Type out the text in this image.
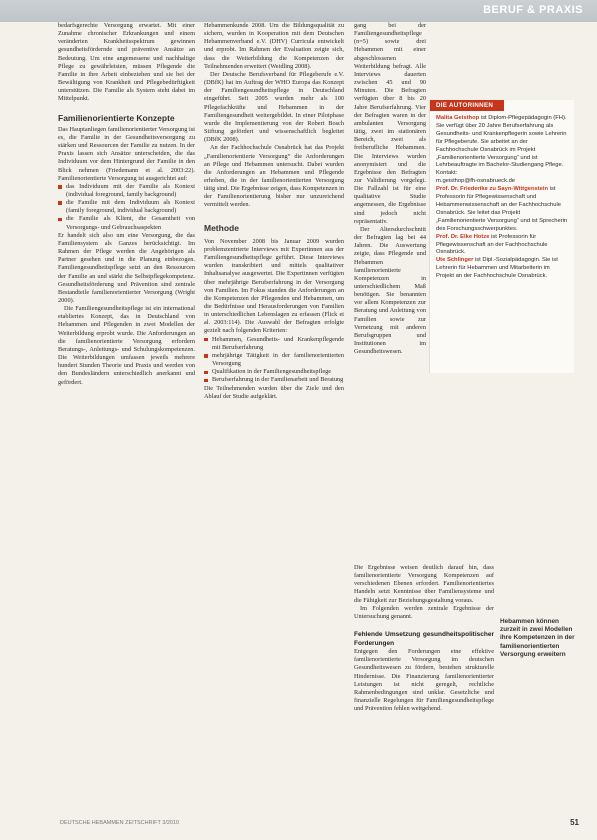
BERUF & PRAXIS

bedarfsgerechte Versorgung erwartet. Mit einer Zunahme chronischer Erkrankungen und einem veränderten Krankheitsspektrum gewinnen gesundheitsfördernde und präventive Ansätze an Bedeutung. Um eine angemessene und nachhaltige Pflege zu gewährleisten, müssen Pflegende die Familie in ihre Arbeit einbeziehen und sie bei der Bewältigung von Krankheit und Pflegebedürftigkeit unterstützen. Die Familie als System steht dabei im Mittelpunkt.

Familienorientierte Konzepte

Das Hauptanliegen familienorientierter Versorgung ist es, die Familie in der Gesundheitsversorgung zu stärken und Ressourcen der Familie zu nutzen. In der Praxis lassen sich Ansätze unterscheiden, die das Individuum vor dem Hintergrund der Familie in den Blick nehmen (Friedemann et al. 2003:22). Familienorientierte Versorgung ist ausgerichtet auf:

das Individuum mit der Familie als Kontext (individual foreground, family background)
die Familie mit dem Individuum als Kontext (family foreground, individual background)
die Familie als Klient, die Gesamtheit von Versorgungs- und Gebrauchsaspekten

Er handelt sich also um eine Versorgung, die das Familiensystem als Ganzes berücksichtigt. Im Rahmen der Pflege werden die Angehörigen als Partner gesehen und in die Planung einbezogen. Familiengesundheitspflege setzt an den Ressourcen der Familie an und stärkt die Selbstpflegekompetenz. Gesundheitsförderung und Prävention sind zentrale Bestandteile familienorientierter Versorgung (Wright 2000).

Die Familiengesundheitspflege ist ein international etabliertes Konzept, das in Deutschland von Hebammen und Pflegenden in zwei Modellen der Weiterbildung erprobt wurde. Die Anforderungen an die familienorientierte Versorgung erfordern Beratungs-, Anleitungs- und Schulungskompetenzen. Die Weiterbildungen umfassen jeweils mehrere hundert Stunden Theorie und Praxis und werden von den Bundesländern unterschiedlich anerkannt und gefördert.

Hebammenkunde 2008. Um die Bildungsqualität zu sichern, wurden in Kooperation mit dem Deutschen Hebammenverband e.V. (DHV) Curricula entwickelt und erprobt. Im Rahmen der Evaluation zeigte sich, dass die Weiterbildung die Kompetenzen der Teilnehmenden erweitert (Weidling 2008).

Der Deutsche Berufsverband für Pflegeberufe e.V. (DBfK) hat im Auftrag der WHO Europa das Konzept der Familiengesundheitspflege in Deutschland eingeführt. Seit 2005 wurden mehr als 100 Pflegefachkräfte und Hebammen in der Familiengesundheit weitergebildet. In einer Pilotphase wurde die Implementierung von der Robert Bosch Stiftung gefördert und wissenschaftlich begleitet (DBfK 2008).

An der Fachhochschule Osnabrück hat das Projekt „Familienorientierte Versorgung“ die Anforderungen an Pflege und Hebammen untersucht. Dabei wurden die Anforderungen an Hebammen und Pflegende erhoben, die in der familienorientierten Versorgung tätig sind. Die Ergebnisse zeigen, dass Kompetenzen in der Familienorientierung bisher nur unzureichend vermittelt werden.

Methode

Von November 2008 bis Januar 2009 wurden problemzentrierte Interviews mit Expertinnen aus der Familiengesundheitspflege geführt. Diese Interviews wurden transkribiert und mittels qualitativer Inhaltsanalyse ausgewertet. Die Expertinnen verfügten über mehrjährige Berufserfahrung in der Versorgung von Familien. Im Fokus standen die Anforderungen an die Kompetenzen der Pflegenden und Hebammen, um die Bedürfnisse und Herausforderungen von Familien in unterschiedlichen Lebenslagen zu erfassen (Flick et al. 2003:114). Die Auswahl der Befragten erfolgte gezielt nach folgenden Kriterien:

Hebammen, Gesundheits- und Krankenpflegende mit Berufserfahrung
mehrjährige Tätigkeit in der familienorientierten Versorgung
Qualifikation in der Familiengesundheitspflege
Berufserfahrung in der Familienarbeit und Beratung

Die Teilnehmenden wurden über die Ziele und den Ablauf der Studie aufgeklärt.

gang bei der Familiengesundheitspflege (n=5) sowie drei Hebammen mit einer abgeschlossenen Weiterbildung befragt. Alle Interviews dauerten zwischen 45 und 90 Minuten. Die Befragten verfügten über 8 bis 20 Jahre Berufserfahrung. Vier der Befragten waren in der ambulanten Versorgung tätig, zwei im stationären Bereich, zwei als freiberufliche Hebammen. Die Interviews wurden anonymisiert und die Ergebnisse den Befragten zur Validierung vorgelegt. Die Fallzahl ist für eine qualitative Studie angemessen, die Ergebnisse sind jedoch nicht repräsentativ.

Der Altersdurchschnitt der Befragten lag bei 44 Jahren. Die Auswertung zeigte, dass Pflegende und Hebammen familienorientierte Kompetenzen in unterschiedlichem Maß benötigen. Sie benannten vor allem Kompetenzen zur Beratung und Anleitung von Familien sowie zur Vernetzung mit anderen Berufsgruppen und Institutionen im Gesundheitswesen.

Die Ergebnisse weisen deutlich darauf hin, dass familienorientierte Versorgung Kompetenzen auf verschiedenen Ebenen erfordert. Familienorientiertes Handeln setzt Kenntnisse über Familiensysteme und die Fähigkeit zur Beziehungsgestaltung voraus.

Im Folgenden werden zentrale Ergebnisse der Untersuchung genannt.

Fehlende Umsetzung gesundheitspolitischer Forderungen

Entgegen den Forderungen eine effektive familienorientierte Versorgung im deutschen Gesundheitswesen zu fördern, bestehen strukturelle Hindernisse. Die Finanzierung familienorientierter Leistungen ist nicht geregelt, rechtliche Rahmenbedingungen sind unklar. Gesetzliche und finanzielle Regelungen für Familiengesundheitspflege und Prävention fehlen weitgehend.

DIE AUTORINNEN

Malita Geisthop ist Diplom-Pflegepädagogin (FH). Sie verfügt über 20 Jahre Berufserfahrung als Gesundheits- und Krankenpflegerin sowie Lehrerin für Pflegeberufe. Sie arbeitet an der Fachhochschule Osnabrück im Projekt „Familienorientierte Versorgung“ und ist Lehrbeauftragte im Bachelor-Studiengang Pflege.

Kontakt:

m.geisthop@fh-osnabrueck.de

Prof. Dr. Friederike zu Sayn-Wittgenstein ist Professorin für Pflegewissenschaft und Hebammenwissenschaft an der Fachhochschule Osnabrück. Sie leitet das Projekt „Familienorientierte Versorgung“ und ist Sprecherin des Forschungsschwerpunktes.

Prof. Dr. Elke Hotze ist Professorin für Pflegewissenschaft an der Fachhochschule Osnabrück.

Ute Schlinger ist Dipl.-Sozialpädagogin. Sie ist Lehrerin für Hebammen und Mitarbeiterin im Projekt an der Fachhochschule Osnabrück.

Hebammen können zurzeit in zwei Modellen ihre Kompetenzen in der familienorientierten Versorgung erweitern
DEUTSCHE HEBAMMEN ZEITSCHRIFT 3/2010	51
